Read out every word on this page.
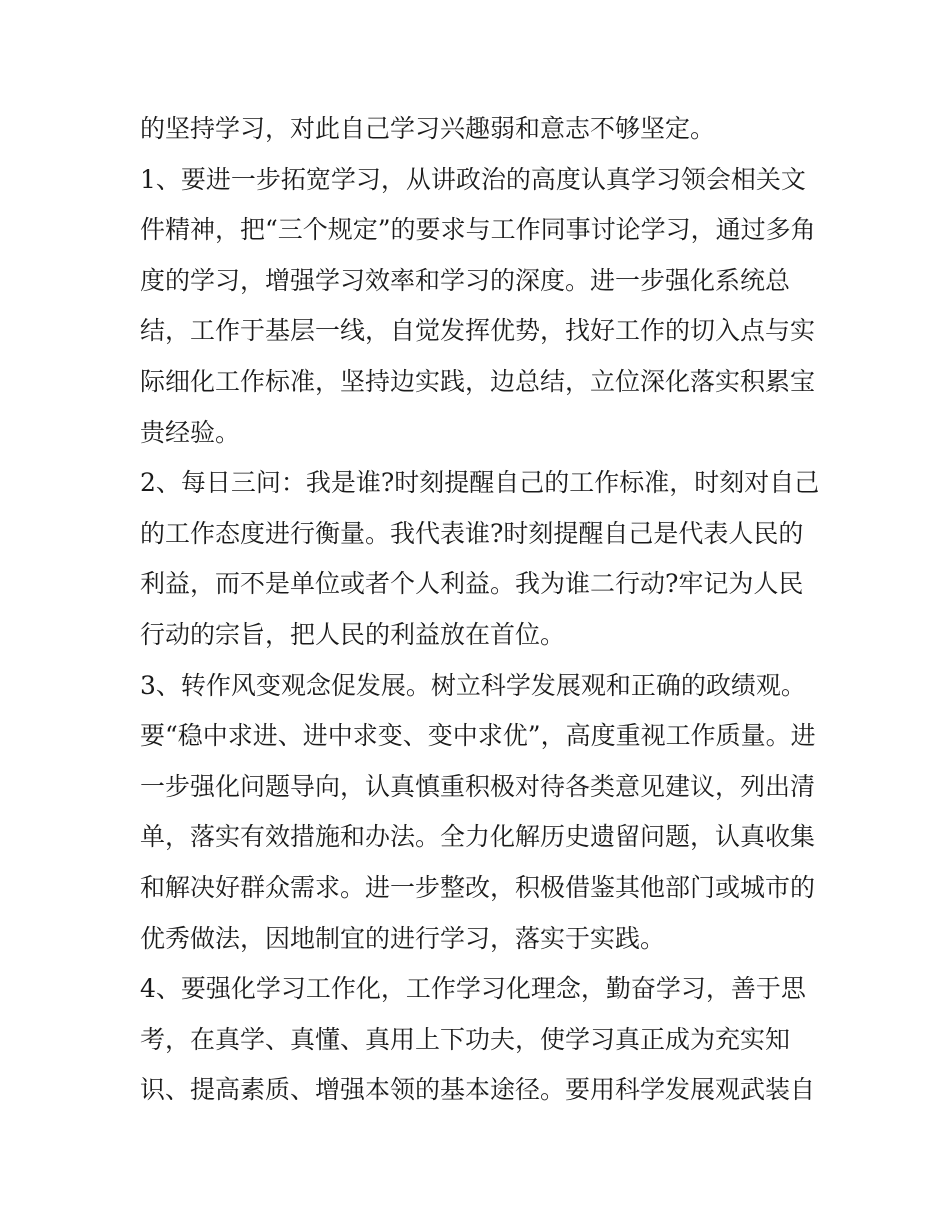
的坚持学习，对此自己学习兴趣弱和意志不够坚定。
1、要进一步拓宽学习，从讲政治的高度认真学习领会相关文
件精神，把“三个规定”的要求与工作同事讨论学习，通过多角
度的学习，增强学习效率和学习的深度。进一步强化系统总
结，工作于基层一线，自觉发挥优势，找好工作的切入点与实
际细化工作标准，坚持边实践，边总结，立位深化落实积累宝
贵经验。
2、每日三问：我是谁?时刻提醒自己的工作标准，时刻对自己
的工作态度进行衡量。我代表谁?时刻提醒自己是代表人民的
利益，而不是单位或者个人利益。我为谁二行动?牢记为人民
行动的宗旨，把人民的利益放在首位。
3、转作风变观念促发展。树立科学发展观和正确的政绩观。
要“稳中求进、进中求变、变中求优”，高度重视工作质量。进
一步强化问题导向，认真慎重积极对待各类意见建议，列出清
单，落实有效措施和办法。全力化解历史遗留问题，认真收集
和解决好群众需求。进一步整改，积极借鉴其他部门或城市的
优秀做法，因地制宜的进行学习，落实于实践。
4、要强化学习工作化，工作学习化理念，勤奋学习，善于思
考，在真学、真懂、真用上下功夫，使学习真正成为充实知
识、提高素质、增强本领的基本途径。要用科学发展观武装自
